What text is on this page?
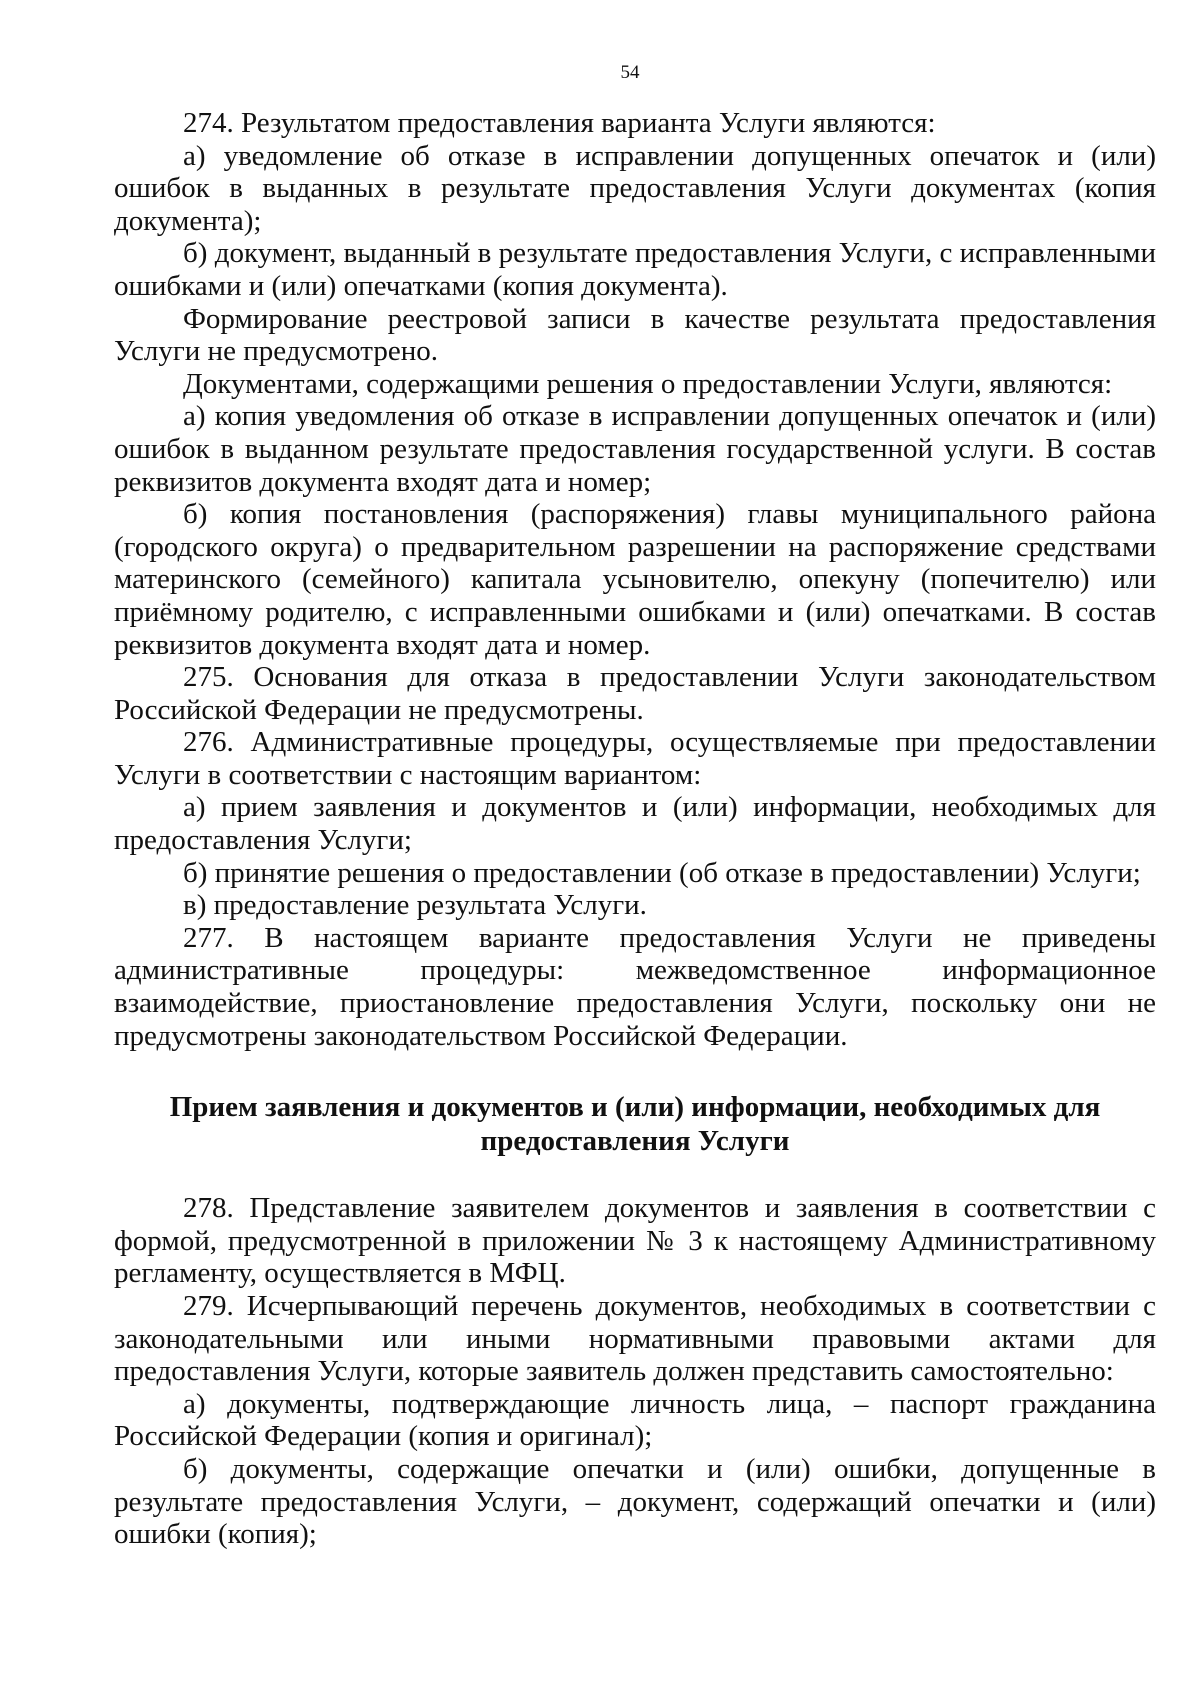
54

274. Результатом предоставления варианта Услуги являются:

а) уведомление об отказе в исправлении допущенных опечаток и (или) ошибок в выданных в результате предоставления Услуги документах (копия документа);

б) документ, выданный в результате предоставления Услуги, с исправленными ошибками и (или) опечатками (копия документа).

Формирование реестровой записи в качестве результата предоставления Услуги не предусмотрено.

Документами, содержащими решения о предоставлении Услуги, являются:

а) копия уведомления об отказе в исправлении допущенных опечаток и (или) ошибок в выданном результате предоставления государственной услуги. В состав реквизитов документа входят дата и номер;

б) копия постановления (распоряжения) главы муниципального района (городского округа) о предварительном разрешении на распоряжение средствами материнского (семейного) капитала усыновителю, опекуну (попечителю) или приёмному родителю, с исправленными ошибками и (или) опечатками. В состав реквизитов документа входят дата и номер.

275. Основания для отказа в предоставлении Услуги законодательством Российской Федерации не предусмотрены.

276. Административные процедуры, осуществляемые при предоставлении Услуги в соответствии с настоящим вариантом:

а) прием заявления и документов и (или) информации, необходимых для предоставления Услуги;

б) принятие решения о предоставлении (об отказе в предоставлении) Услуги;

в) предоставление результата Услуги.

277. В настоящем варианте предоставления Услуги не приведены административные процедуры: межведомственное информационное взаимодействие, приостановление предоставления Услуги, поскольку они не предусмотрены законодательством Российской Федерации.

Прием заявления и документов и (или) информации, необходимых для
предоставления Услуги

278. Представление заявителем документов и заявления в соответствии с формой, предусмотренной в приложении № 3 к настоящему Административному регламенту, осуществляется в МФЦ.

279. Исчерпывающий перечень документов, необходимых в соответствии с законодательными или иными нормативными правовыми актами для предоставления Услуги, которые заявитель должен представить самостоятельно:

а) документы, подтверждающие личность лица, – паспорт гражданина Российской Федерации (копия и оригинал);

б) документы, содержащие опечатки и (или) ошибки, допущенные в результате предоставления Услуги, – документ, содержащий опечатки и (или) ошибки (копия);
